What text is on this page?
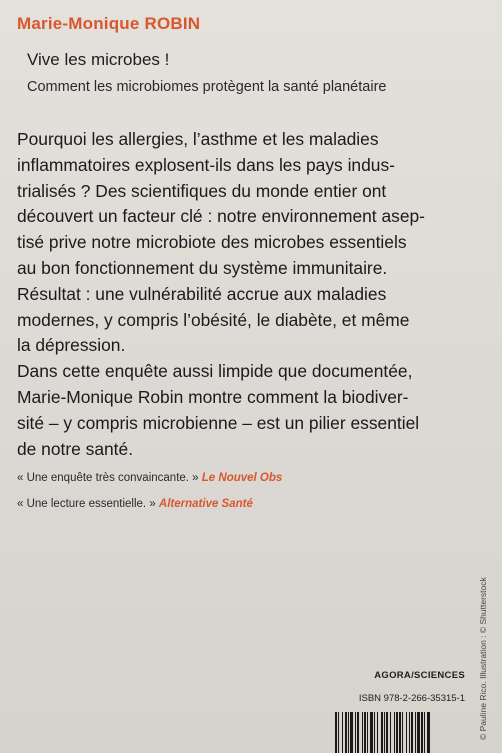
Marie-Monique ROBIN
Vive les microbes !
Comment les microbiomes protègent la santé planétaire
Pourquoi les allergies, l’asthme et les maladies
inflammatoires explosent-ils dans les pays indus-
trialisés ? Des scientifiques du monde entier ont
découvert un facteur clé : notre environnement asep-
tisé prive notre microbiote des microbes essentiels
au bon fonctionnement du système immunitaire.
Résultat : une vulnérabilité accrue aux maladies
modernes, y compris l’obésité, le diabète, et même
la dépression.
Dans cette enquête aussi limpide que documentée,
Marie-Monique Robin montre comment la biodiver-
sité – y compris microbienne – est un pilier essentiel
de notre santé.
« Une enquête très convaincante. » Le Nouvel Obs
« Une lecture essentielle. » Alternative Santé
© Pauline Rico. Illustration : © Shutterstock
AGORA/SCIENCES
ISBN 978-2-266-35315-1
